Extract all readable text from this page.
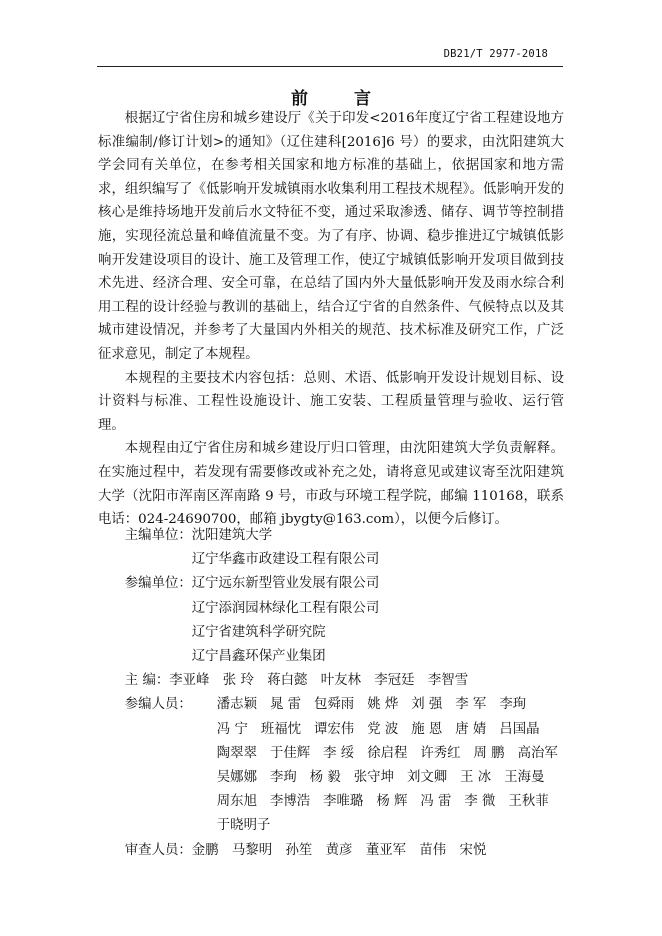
DB21/T 2977-2018
前 言

根据辽宁省住房和城乡建设厅《关于印发<2016年度辽宁省工程建设地方标准编制/修订计划>的通知》（辽住建科[2016]6 号）的要求，由沈阳建筑大学会同有关单位，在参考相关国家和地方标准的基础上，依据国家和地方需求，组织编写了《低影响开发城镇雨水收集利用工程技术规程》。低影响开发的核心是维持场地开发前后水文特征不变，通过采取渗透、储存、调节等控制措施，实现径流总量和峰值流量不变。为了有序、协调、稳步推进辽宁城镇低影响开发建设项目的设计、施工及管理工作，使辽宁城镇低影响开发项目做到技术先进、经济合理、安全可靠，在总结了国内外大量低影响开发及雨水综合利用工程的设计经验与教训的基础上，结合辽宁省的自然条件、气候特点以及其城市建设情况，并参考了大量国内外相关的规范、技术标准及研究工作，广泛征求意见，制定了本规程。

本规程的主要技术内容包括：总则、术语、低影响开发设计规划目标、设计资料与标准、工程性设施设计、施工安装、工程质量管理与验收、运行管理。

本规程由辽宁省住房和城乡建设厅归口管理，由沈阳建筑大学负责解释。在实施过程中，若发现有需要修改或补充之处，请将意见或建议寄至沈阳建筑大学（沈阳市浑南区浑南路 9 号，市政与环境工程学院，邮编 110168，联系电话：024-24690700，邮箱 jbygty@163.com），以便今后修订。

主编单位： 沈阳建筑大学
辽宁华鑫市政建设工程有限公司
参编单位： 辽宁远东新型管业发展有限公司
辽宁添润园林绿化工程有限公司
辽宁省建筑科学研究院
辽宁昌鑫环保产业集团
主 编： 李亚峰　张 玲　蒋白懿　叶友林　李冠廷　李智雪
参编人员：	潘志颖 晁 雷 包舜雨 姚 烨 刘 强 李 军 李珣
冯 宁 班福忱 谭宏伟 党 波 施 恩 唐 婧 吕国晶
陶翠翠 于佳辉 李 绥 徐启程 许秀红 周 鹏 高治军
吴娜娜 李珣 杨 毅 张守坤 刘文卿 王 冰 王海曼
周东旭 李博浩 李唯璐 杨 辉 冯 雷 李 微 王秋菲
于晓明子
审查人员： 金鹏　马黎明　孙笙　黄彦　董亚军　苗伟　宋悦
